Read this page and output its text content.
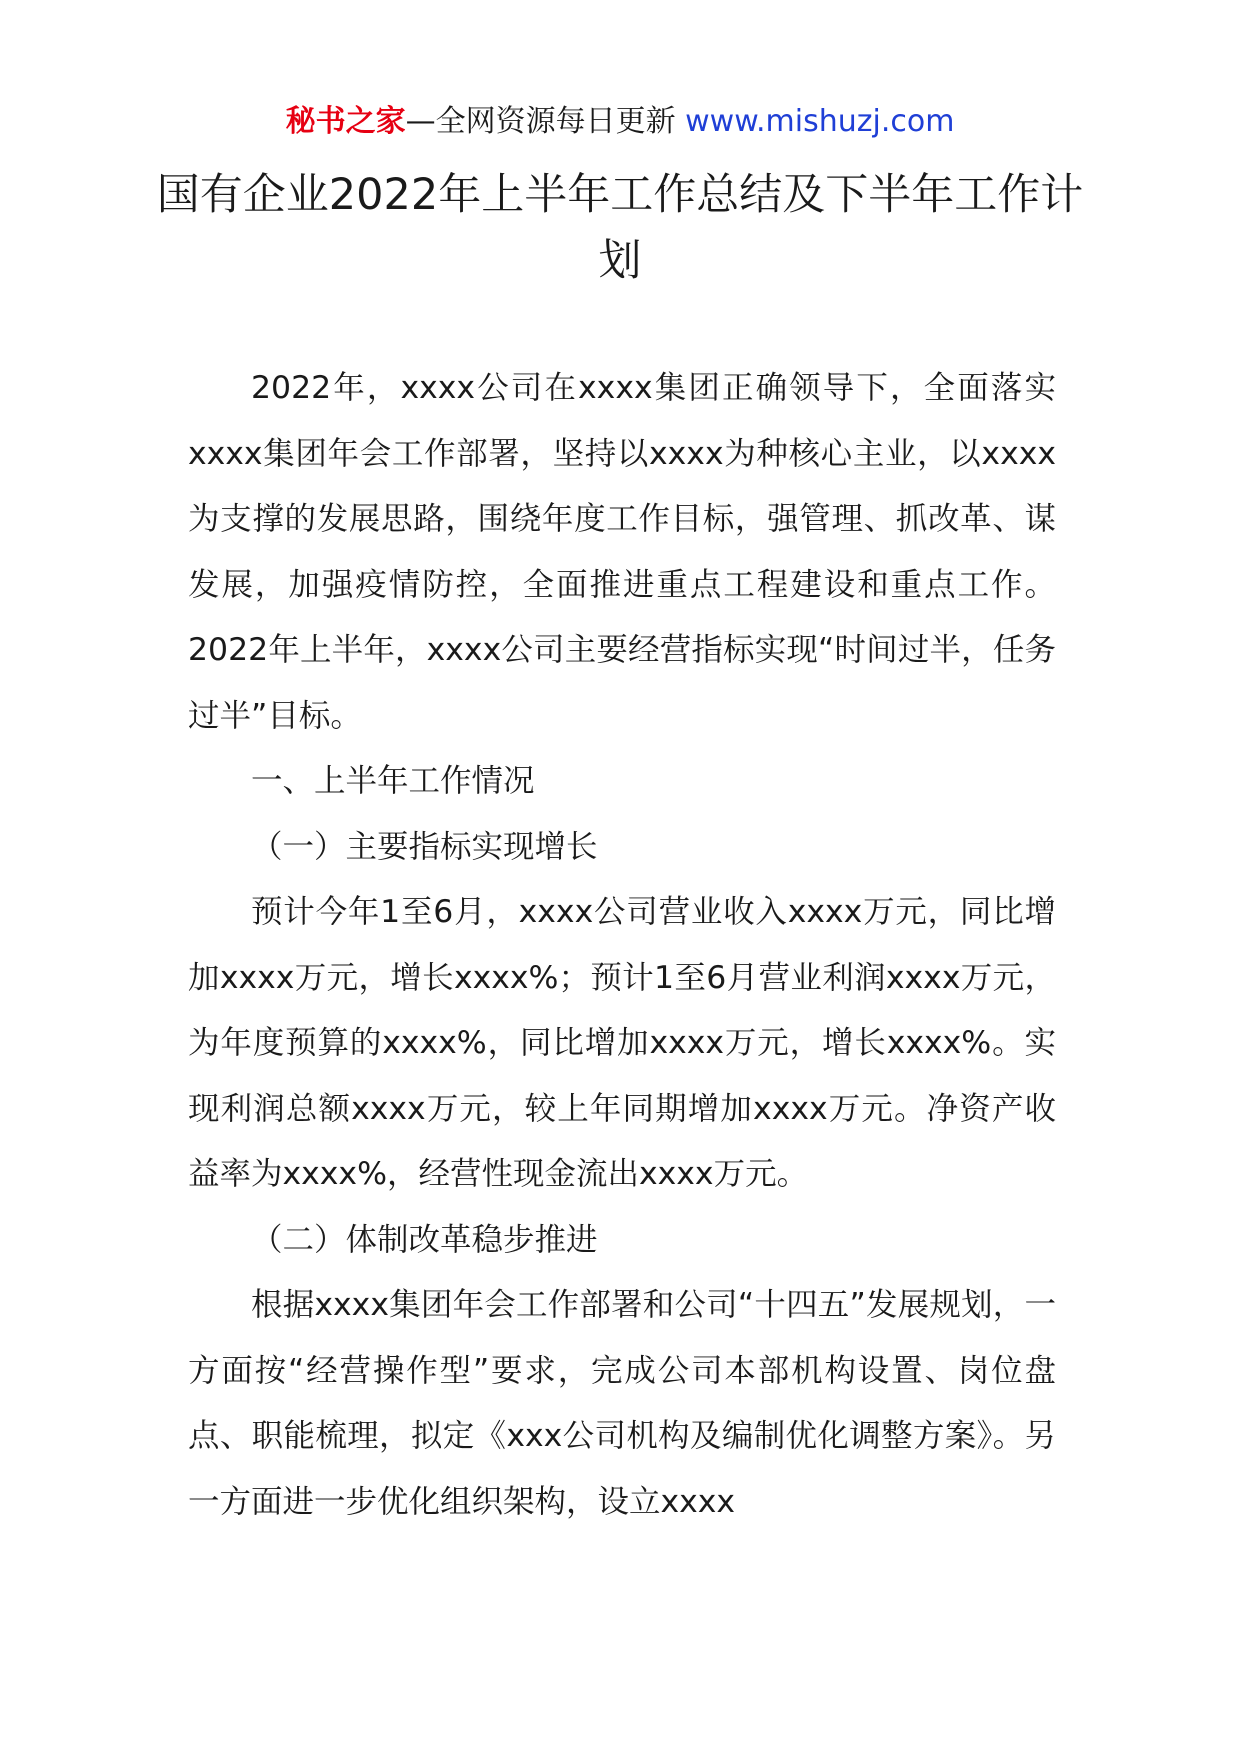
秘书之家—全网资源每日更新 www.mishuzj.com
国有企业2022年上半年工作总结及下半年工作计划

2022年，xxxx公司在xxxx集团正确领导下，全面落实xxxx集团年会工作部署，坚持以xxxx为种核心主业，以xxxx为支撑的发展思路，围绕年度工作目标，强管理、抓改革、谋发展，加强疫情防控，全面推进重点工程建设和重点工作。2022年上半年，xxxx公司主要经营指标实现“时间过半，任务过半”目标。

一、上半年工作情况

（一）主要指标实现增长

预计今年1至6月，xxxx公司营业收入xxxx万元，同比增加xxxx万元，增长xxxx%；预计1至6月营业利润xxxx万元，为年度预算的xxxx%，同比增加xxxx万元，增长xxxx%。实现利润总额xxxx万元，较上年同期增加xxxx万元。净资产收益率为xxxx%，经营性现金流出xxxx万元。

（二）体制改革稳步推进

根据xxxx集团年会工作部署和公司“十四五”发展规划，一方面按“经营操作型”要求，完成公司本部机构设置、岗位盘点、职能梳理，拟定《xxx公司机构及编制优化调整方案》。另一方面进一步优化组织架构，设立xxxx
